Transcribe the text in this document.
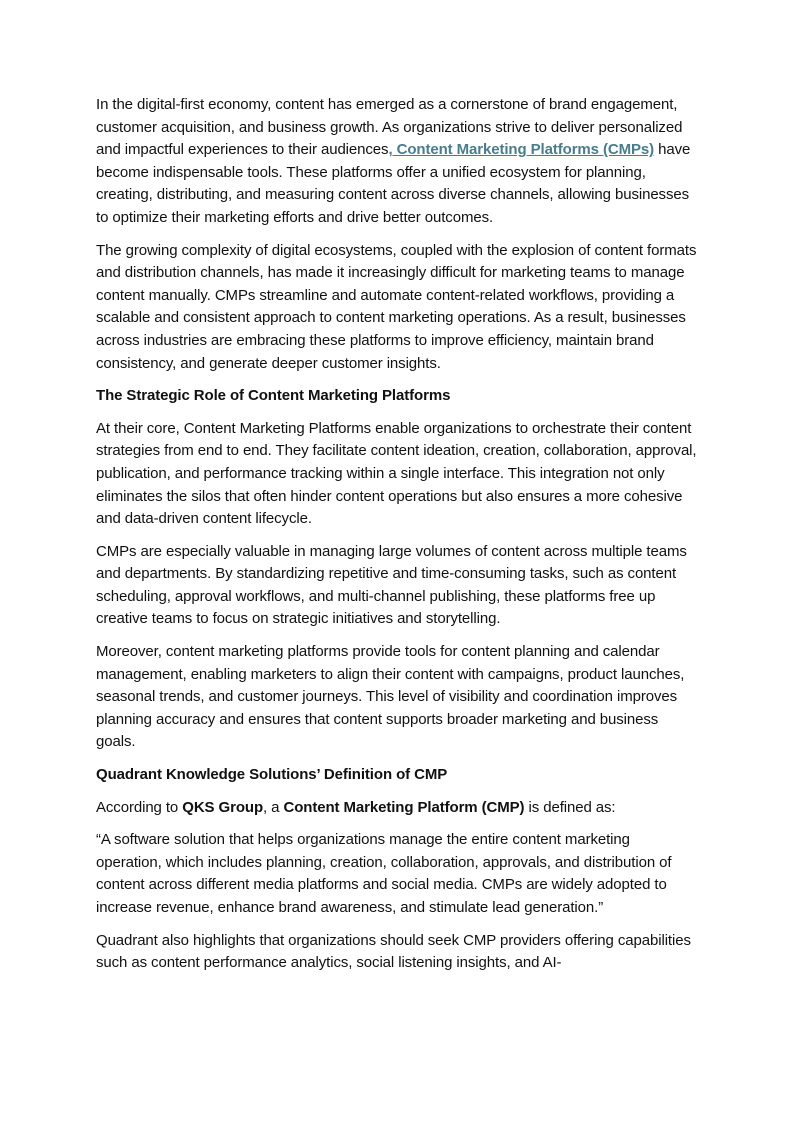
In the digital-first economy, content has emerged as a cornerstone of brand engagement, customer acquisition, and business growth. As organizations strive to deliver personalized and impactful experiences to their audiences, Content Marketing Platforms (CMPs) have become indispensable tools. These platforms offer a unified ecosystem for planning, creating, distributing, and measuring content across diverse channels, allowing businesses to optimize their marketing efforts and drive better outcomes.

The growing complexity of digital ecosystems, coupled with the explosion of content formats and distribution channels, has made it increasingly difficult for marketing teams to manage content manually. CMPs streamline and automate content-related workflows, providing a scalable and consistent approach to content marketing operations. As a result, businesses across industries are embracing these platforms to improve efficiency, maintain brand consistency, and generate deeper customer insights.

The Strategic Role of Content Marketing Platforms

At their core, Content Marketing Platforms enable organizations to orchestrate their content strategies from end to end. They facilitate content ideation, creation, collaboration, approval, publication, and performance tracking within a single interface. This integration not only eliminates the silos that often hinder content operations but also ensures a more cohesive and data-driven content lifecycle.

CMPs are especially valuable in managing large volumes of content across multiple teams and departments. By standardizing repetitive and time-consuming tasks, such as content scheduling, approval workflows, and multi-channel publishing, these platforms free up creative teams to focus on strategic initiatives and storytelling.

Moreover, content marketing platforms provide tools for content planning and calendar management, enabling marketers to align their content with campaigns, product launches, seasonal trends, and customer journeys. This level of visibility and coordination improves planning accuracy and ensures that content supports broader marketing and business goals.

Quadrant Knowledge Solutions’ Definition of CMP

According to QKS Group, a Content Marketing Platform (CMP) is defined as:

“A software solution that helps organizations manage the entire content marketing operation, which includes planning, creation, collaboration, approvals, and distribution of content across different media platforms and social media. CMPs are widely adopted to increase revenue, enhance brand awareness, and stimulate lead generation.”

Quadrant also highlights that organizations should seek CMP providers offering capabilities such as content performance analytics, social listening insights, and AI-
